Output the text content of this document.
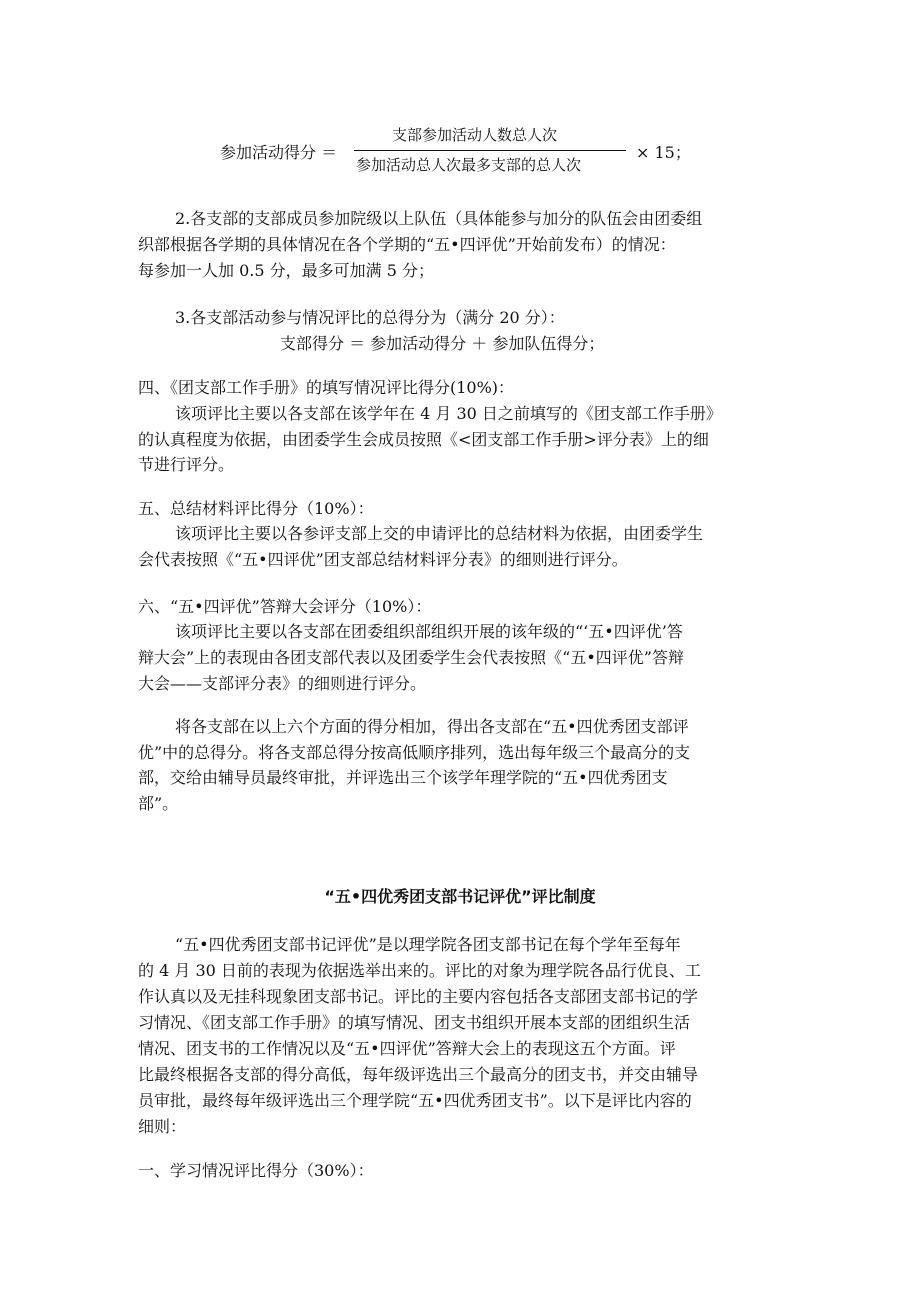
参加活动得分 ＝
支部参加活动人数总人次
参加活动总人次最多支部的总人次
× 15；
2.各支部的支部成员参加院级以上队伍（具体能参与加分的队伍会由团委组
织部根据各学期的具体情况在各个学期的“五•四评优”开始前发布）的情况：
每参加一人加 0.5 分，最多可加满 5 分；
3.各支部活动参与情况评比的总得分为（满分 20 分）：
支部得分 ＝ 参加活动得分 ＋ 参加队伍得分；
四、《团支部工作手册》的填写情况评比得分(10%)：
该项评比主要以各支部在该学年在 4 月 30 日之前填写的《团支部工作手册》
的认真程度为依据，由团委学生会成员按照《<团支部工作手册>评分表》上的细
节进行评分。
五、总结材料评比得分（10%）：
该项评比主要以各参评支部上交的申请评比的总结材料为依据，由团委学生
会代表按照《“五•四评优”团支部总结材料评分表》的细则进行评分。
六、“五•四评优”答辩大会评分（10%）：
该项评比主要以各支部在团委组织部组织开展的该年级的“‘五•四评优’答
辩大会”上的表现由各团支部代表以及团委学生会代表按照《“五•四评优”答辩
大会——支部评分表》的细则进行评分。
将各支部在以上六个方面的得分相加，得出各支部在“五•四优秀团支部评
优”中的总得分。将各支部总得分按高低顺序排列，选出每年级三个最高分的支
部，交给由辅导员最终审批，并评选出三个该学年理学院的“五•四优秀团支
部”。
“五•四优秀团支部书记评优”评比制度
“五•四优秀团支部书记评优”是以理学院各团支部书记在每个学年至每年
的 4 月 30 日前的表现为依据选举出来的。评比的对象为理学院各品行优良、工
作认真以及无挂科现象团支部书记。评比的主要内容包括各支部团支部书记的学
习情况、《团支部工作手册》的填写情况、团支书组织开展本支部的团组织生活
情况、团支书的工作情况以及“五•四评优”答辩大会上的表现这五个方面。评
比最终根据各支部的得分高低，每年级评选出三个最高分的团支书，并交由辅导
员审批，最终每年级评选出三个理学院“五•四优秀团支书”。以下是评比内容的
细则：
一、学习情况评比得分（30%）：
